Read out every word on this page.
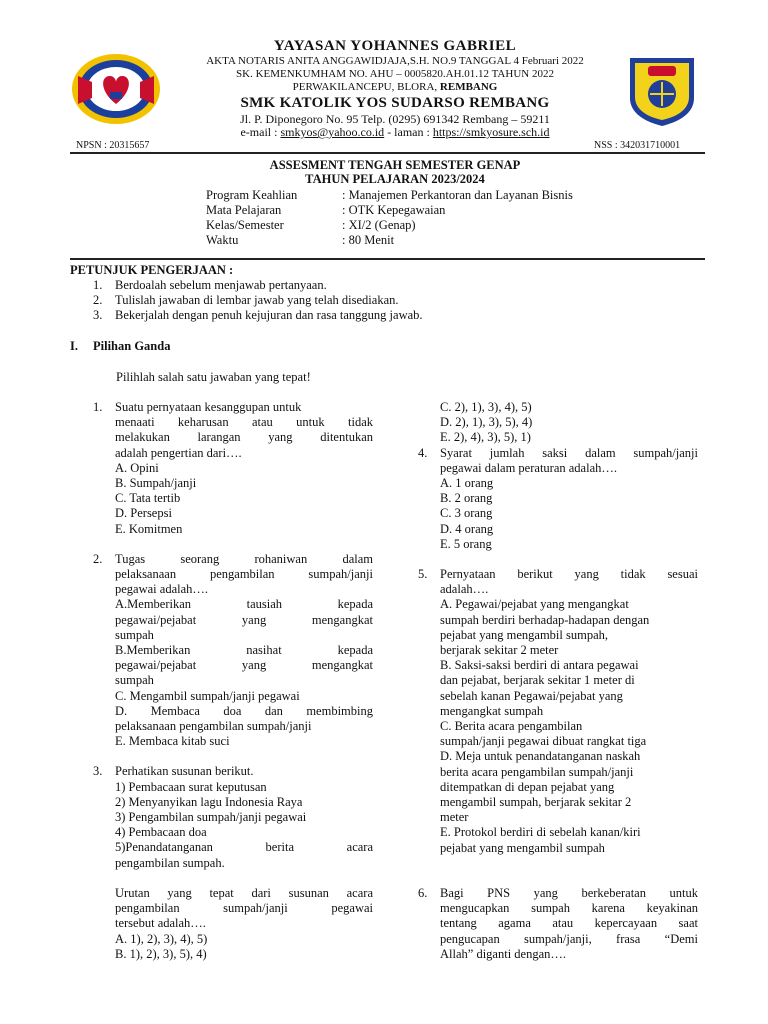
YAYASAN YOHANNES GABRIEL
AKTA NOTARIS ANITA ANGGAWIDJAJA,S.H. NO.9 TANGGAL 4 Februari 2022
SK. KEMENKUMHAM NO. AHU – 0005820.AH.01.12 TAHUN 2022
PERWAKILANCEPU, BLORA, REMBANG
SMK KATOLIK YOS SUDARSO REMBANG
Jl. P. Diponegoro No. 95 Telp. (0295) 691342 Rembang – 59211
e-mail : smkyos@yahoo.co.id - laman : https://smkyosure.sch.id
NPSN : 20315657	NSS : 342031710001
ASSESMENT TENGAH SEMESTER GENAP
TAHUN PELAJARAN 2023/2024
Program Keahlian	: Manajemen Perkantoran dan Layanan Bisnis
Mata Pelajaran	: OTK Kepegawaian
Kelas/Semester	: XI/2 (Genap)
Waktu	: 80 Menit
PETUNJUK PENGERJAAN :
1.	Berdoalah sebelum menjawab pertanyaan.
2.	Tulislah jawaban di lembar jawab yang telah disediakan.
3.	Bekerjalah dengan penuh kejujuran dan rasa tanggung jawab.
I. Pilihan Ganda
Pilihlah salah satu jawaban yang tepat!
1.	Suatu pernyataan kesanggupan untuk
menaati keharusan atau untuk tidak
melakukan larangan yang ditentukan
adalah pengertian dari….
A. Opini
B. Sumpah/janji
C. Tata tertib
D. Persepsi
E. Komitmen
2.	Tugas seorang rohaniwan dalam
pelaksanaan pengambilan sumpah/janji
pegawai adalah….
A.Memberikan tausiah kepada
pegawai/pejabat yang mengangkat
sumpah
B.Memberikan nasihat kepada
pegawai/pejabat yang mengangkat
sumpah
C. Mengambil sumpah/janji pegawai
D. Membaca doa dan membimbing
pelaksanaan pengambilan sumpah/janji
E. Membaca kitab suci
3.	Perhatikan susunan berikut.
1) Pembacaan surat keputusan
2) Menyanyikan lagu Indonesia Raya
3) Pengambilan sumpah/janji pegawai
4) Pembacaan doa
5)Penandatanganan berita acara
pengambilan sumpah.
Urutan yang tepat dari susunan acara
pengambilan sumpah/janji pegawai
tersebut adalah….
A. 1), 2), 3), 4), 5)
B. 1), 2), 3), 5), 4)
C. 2), 1), 3), 4), 5)
D. 2), 1), 3), 5), 4)
E. 2), 4), 3), 5), 1)
4.	Syarat jumlah saksi dalam sumpah/janji
pegawai dalam peraturan adalah….
A. 1 orang
B. 2 orang
C. 3 orang
D. 4 orang
E. 5 orang
5.	Pernyataan berikut yang tidak sesuai
adalah….
A. Pegawai/pejabat yang mengangkat
sumpah berdiri berhadap-hadapan dengan
pejabat yang mengambil sumpah,
berjarak sekitar 2 meter
B. Saksi-saksi berdiri di antara pegawai
dan pejabat, berjarak sekitar 1 meter di
sebelah kanan Pegawai/pejabat yang
mengangkat sumpah
C. Berita acara pengambilan
sumpah/janji pegawai dibuat rangkat tiga
D. Meja untuk penandatanganan naskah
berita acara pengambilan sumpah/janji
ditempatkan di depan pejabat yang
mengambil sumpah, berjarak sekitar 2
meter
E. Protokol berdiri di sebelah kanan/kiri
pejabat yang mengambil sumpah
6.	Bagi PNS yang berkeberatan untuk
mengucapkan sumpah karena keyakinan
tentang agama atau kepercayaan saat
pengucapan sumpah/janji, frasa “Demi
Allah” diganti dengan….
